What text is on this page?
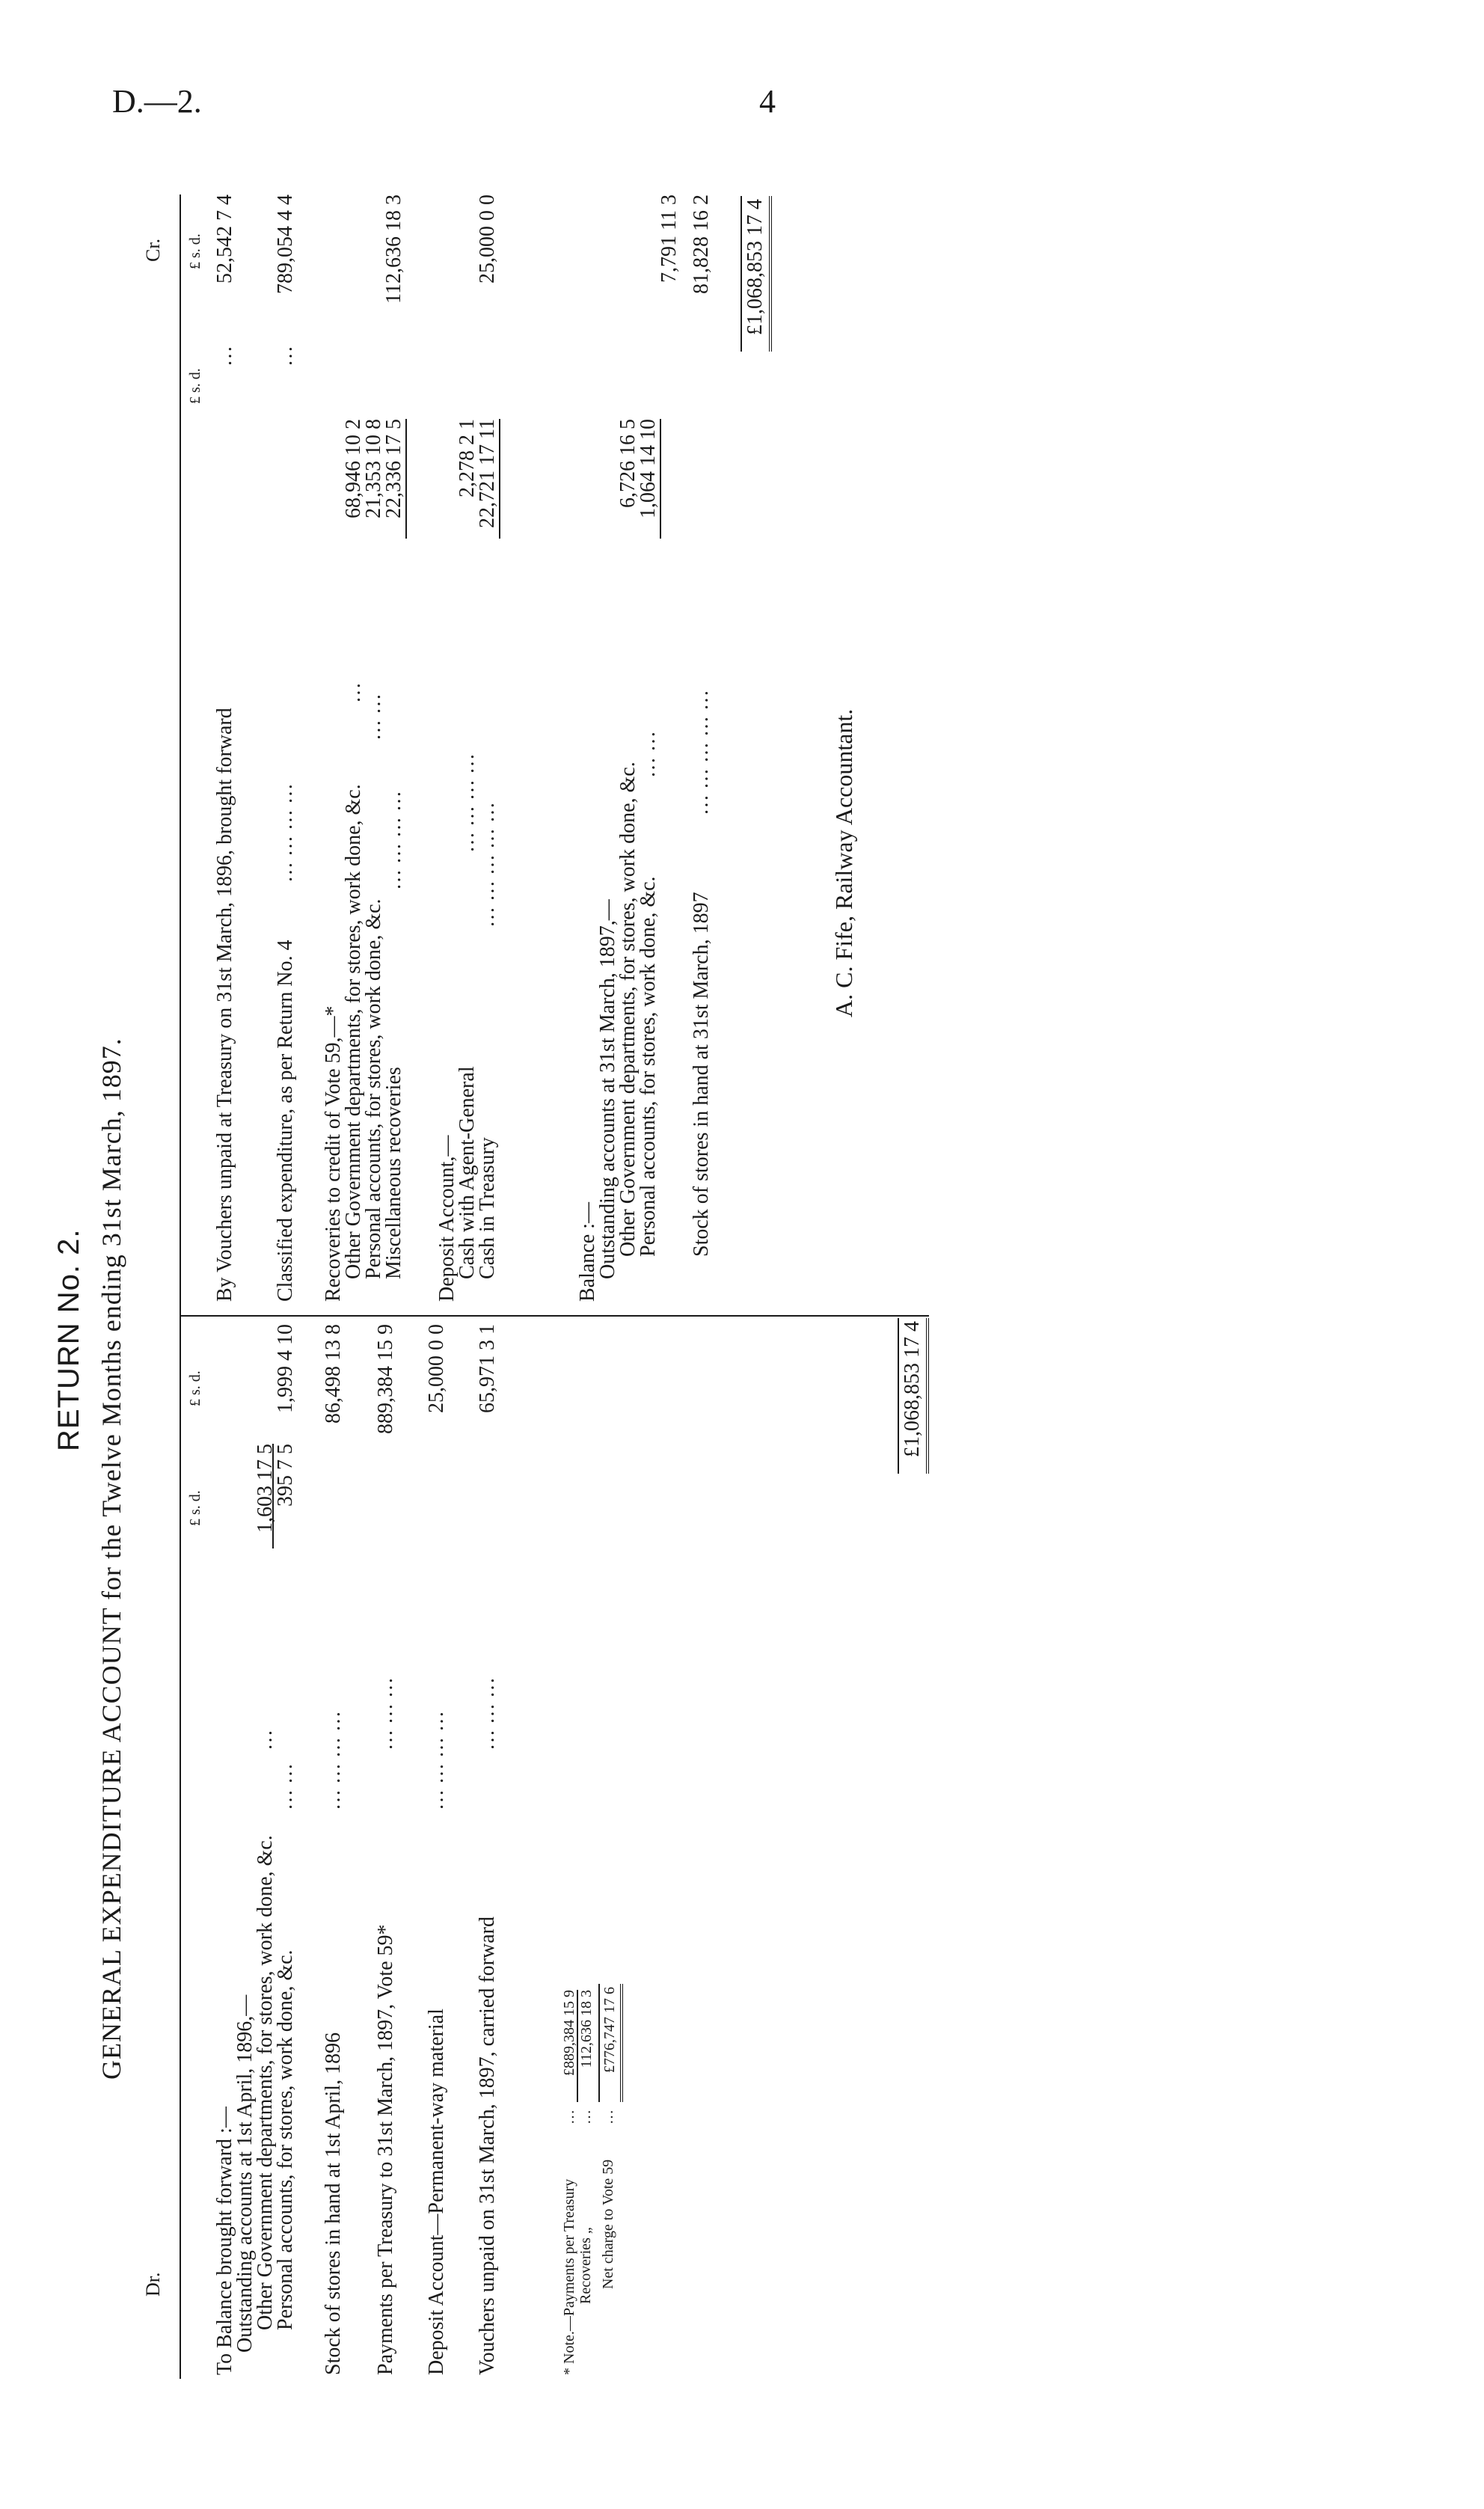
D.—2.	4
RETURN No. 2. GENERAL EXPENDITURE ACCOUNT for the Twelve Months ending 31st March, 1897.
Dr.
Cr.
£ s. d.
£ s. d.
£ s. d.
£ s. d.
To Balance brought forward :—
Outstanding accounts at 1st April, 1896,—
Other Government departments, for stores, work done, &c.
Personal accounts, for stores, work done, &c.
…
… …
1,603 17 5
395 7 5
1,999 4 10
Stock of stores in hand at 1st April, 1896
… … … …
86,498 13 8
Payments per Treasury to 31st March, 1897, Vote 59*
… … …
889,384 15 9
Deposit Account—Permanent-way material
… … … …
25,000 0 0
Vouchers unpaid on 31st March, 1897, carried forward
… … …
65,971 3 1
* Note.—Payments per Treasury Recoveries „ Net charge to Vote 59
… … …
£889,384 15 9 112,636 18 3 £776,747 17 6
£1,068,853 17 4
By Vouchers unpaid at Treasury on 31st March, 1896, brought forward
…
52,542 7 4
Classified expenditure, as per Return No. 4
… … … …
…
789,054 4 4
Recoveries to credit of Vote 59,—*
Other Government departments, for stores, work done, &c.
Personal accounts, for stores, work done, &c.
Miscellaneous recoveries
…
… …
… … … …
68,946 10 2
21,353 10 8
22,336 17 5
112,636 18 3
Deposit Account,—
Cash with Agent-General
Cash in Treasury
… … … …
… … … … …
2,278 2 1
22,721 17 11
25,000 0 0
Balance :—
Outstanding accounts at 31st March, 1897,—
Other Government departments, for stores, work done, &c.
Personal accounts, for stores, work done, &c.
… …
6,726 16 5
1,064 14 10
7,791 11 3
Stock of stores in hand at 31st March, 1897
… … … … …
81,828 16 2 £1,068,853 17 4
A. C. Fife, Railway Accountant.
